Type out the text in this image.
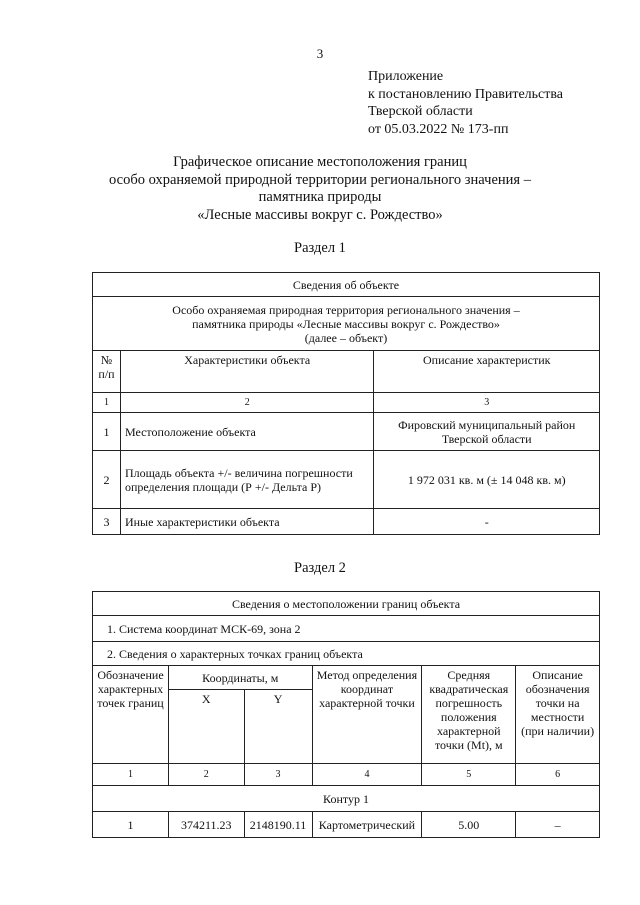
3
Приложение
к постановлению Правительства
Тверской области
от 05.03.2022 № 173-пп
Графическое описание местоположения границ
особо охраняемой природной территории регионального значения –
памятника природы
«Лесные массивы вокруг с. Рождество»
Раздел 1
Сведения об объекте		

Особо охраняемая природная территория регионального значения –
памятника природы «Лесные массивы вокруг с. Рождество»
(далее – объект)		

№ п/п	Характеристики объекта	Описание характеристик
1	2	3
1	Местоположение объекта	Фировский муниципальный район Тверской области
2	Площадь объекта +/- величина погрешности определения площади (Р +/- Дельта Р)	1 972 031 кв. м (± 14 048 кв. м)
3	Иные характеристики объекта	-
Раздел 2
Сведения о местоположении границ объекта					
1. Система координат МСК-69, зона 2					
2. Сведения о характерных точках границ объекта					
Обозначение характерных точек границ	Координаты, м		Метод определения координат характерной точки	Средняя квадратическая погрешность положения характерной точки (Mt), м	Описание обозначения точки на местности (при наличии)
	X	Y			
1	2	3	4	5	6
Контур 1					
1	374211.23	2148190.11	Картометрический	5.00	–
